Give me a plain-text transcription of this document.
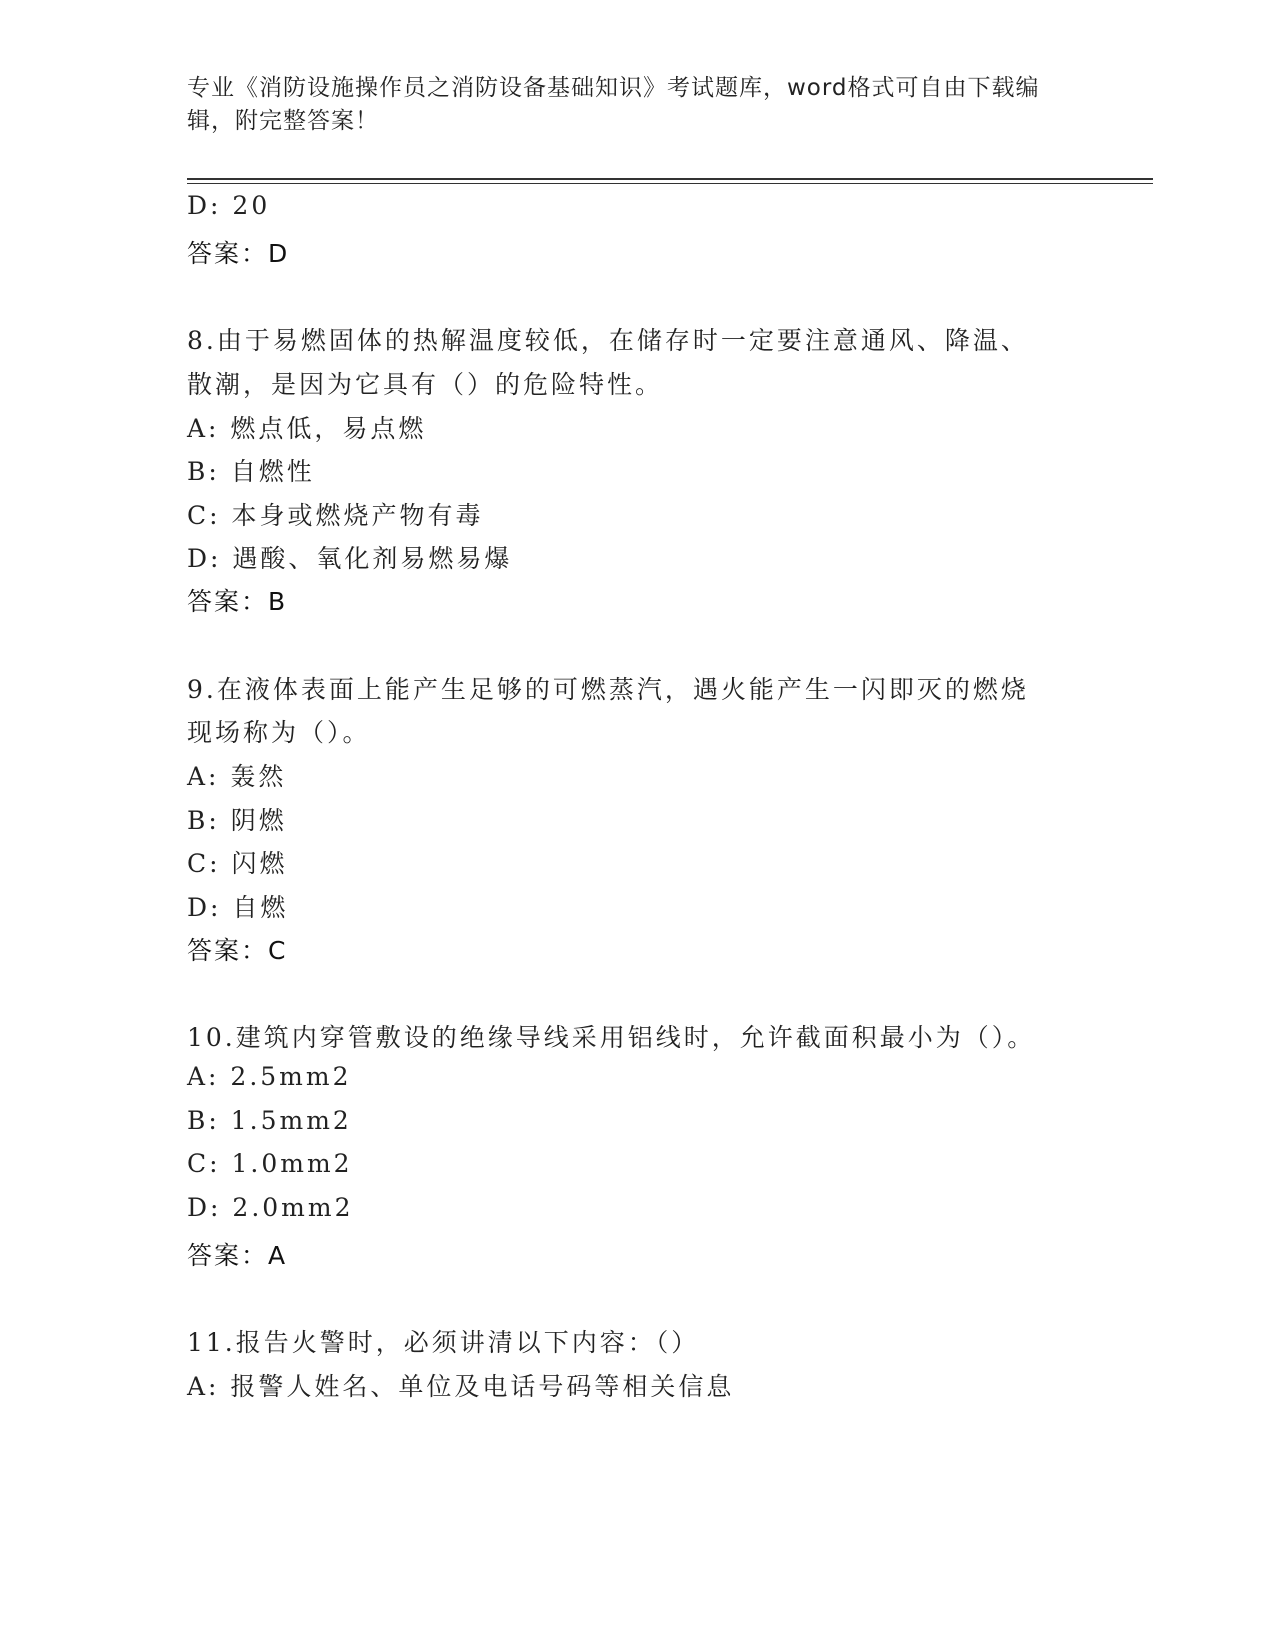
专业《消防设施操作员之消防设备基础知识》考试题库，word格式可自由下载编
辑，附完整答案！
D: 20
答案：D
8.由于易燃固体的热解温度较低，在储存时一定要注意通风、降温、
散潮，是因为它具有（）的危险特性。
A: 燃点低，易点燃
B: 自燃性
C: 本身或燃烧产物有毒
D: 遇酸、氧化剂易燃易爆
答案：B
9.在液体表面上能产生足够的可燃蒸汽，遇火能产生一闪即灭的燃烧
现场称为（）。
A: 轰然
B: 阴燃
C: 闪燃
D: 自燃
答案：C
10.建筑内穿管敷设的绝缘导线采用铝线时，允许截面积最小为（）。
A: 2.5mm2
B: 1.5mm2
C: 1.0mm2
D: 2.0mm2
答案：A
11.报告火警时，必须讲清以下内容：（）
A: 报警人姓名、单位及电话号码等相关信息
